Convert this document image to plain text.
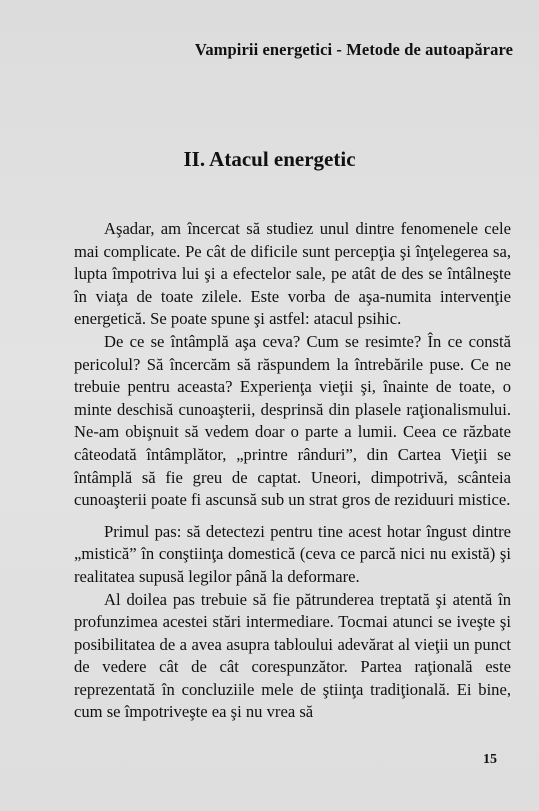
Vampirii energetici - Metode de autoapărare
II. Atacul energetic

Aşadar, am încercat să studiez unul dintre fenomenele cele mai complicate. Pe cât de dificile sunt percepţia şi înţelegerea sa, lupta împotriva lui şi a efectelor sale, pe atât de des se întâlneşte în viaţa de toate zilele. Este vorba de aşa-numita intervenţie energetică. Se poate spune şi astfel: atacul psihic.

De ce se întâmplă aşa ceva? Cum se resimte? În ce constă pericolul? Să încercăm să răspundem la întrebările puse. Ce ne trebuie pentru aceasta? Experienţa vieţii şi, înainte de toate, o minte deschisă cunoaşterii, desprinsă din plasele raţionalismului. Ne-am obişnuit să vedem doar o parte a lumii. Ceea ce răzbate câteodată întâmplător, „printre rânduri”, din Cartea Vieţii se întâmplă să fie greu de captat. Uneori, dimpotrivă, scânteia cunoaşterii poate fi ascunsă sub un strat gros de reziduuri mistice.

Primul pas: să detectezi pentru tine acest hotar îngust dintre „mistică” în conştiinţa domestică (ceva ce parcă nici nu există) şi realitatea supusă legilor până la deformare.

Al doilea pas trebuie să fie pătrunderea treptată şi atentă în profunzimea acestei stări intermediare. Tocmai atunci se iveşte şi posibilitatea de a avea asupra tabloului adevărat al vieţii un punct de vedere cât de cât corespunzător. Partea raţională este reprezentată în concluziile mele de ştiinţa tradiţională. Ei bine, cum se împotriveşte ea şi nu vrea să

15
